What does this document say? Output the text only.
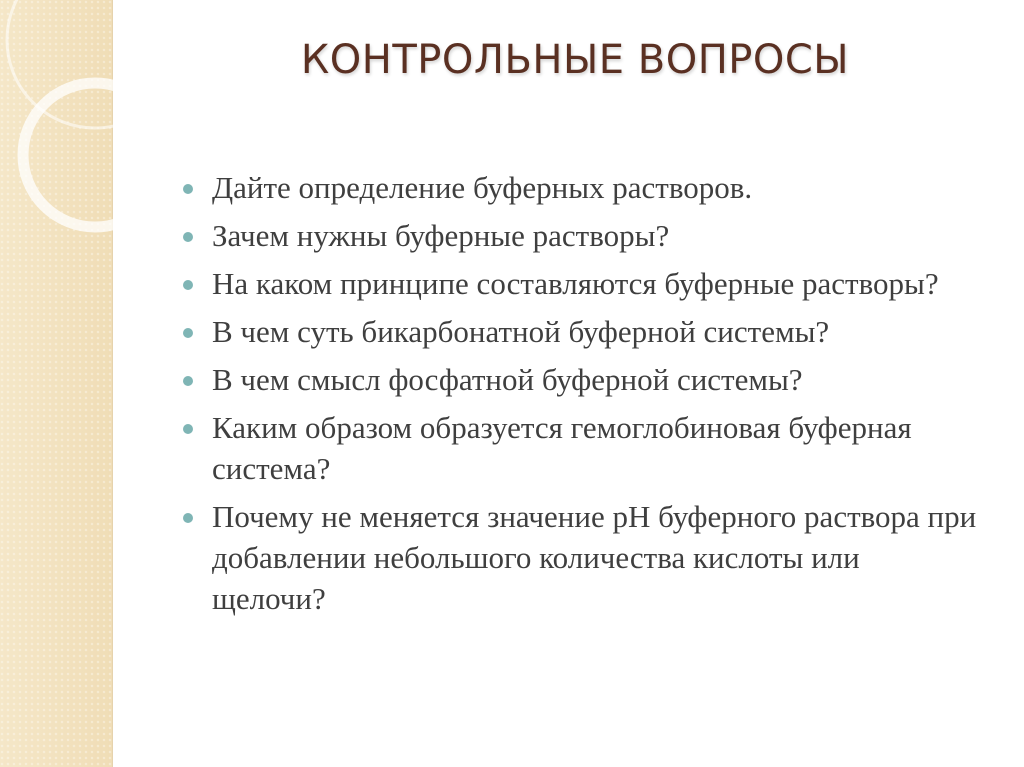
КОНТРОЛЬНЫЕ ВОПРОСЫ
Дайте определение буферных растворов.
Зачем нужны буферные растворы?
На каком принципе составляются буферные растворы?
В чем суть бикарбонатной буферной системы?
В чем смысл фосфатной буферной системы?
Каким образом образуется гемоглобиновая буферная система?
Почему не меняется значение рН буферного раствора при добавлении небольшого количества кислоты или щелочи?
